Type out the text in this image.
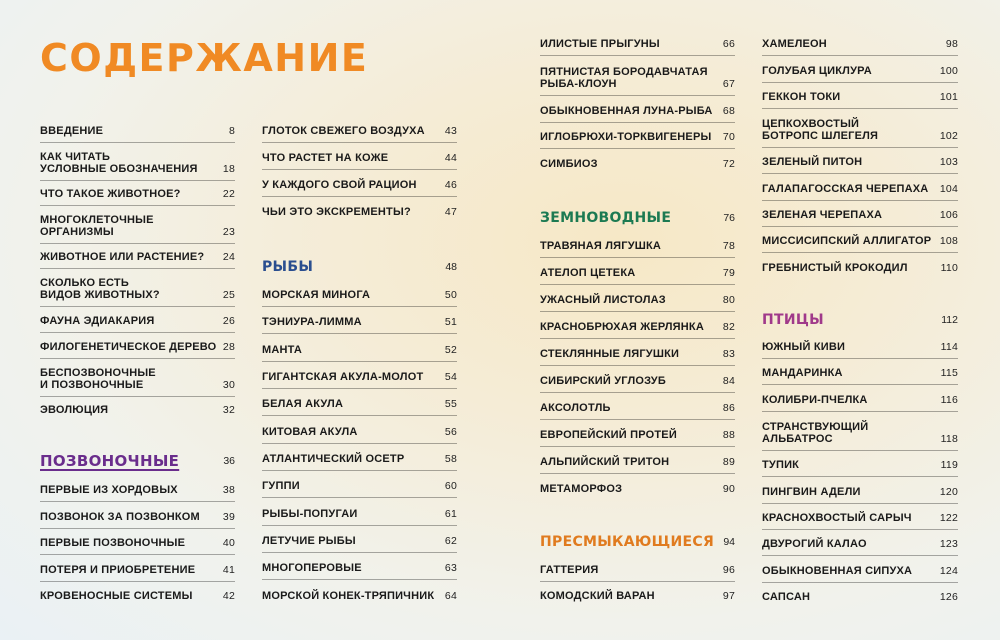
СОДЕРЖАНИЕ
ВВЕДЕНИЕ	8
КАК ЧИТАТЬ
УСЛОВНЫЕ ОБОЗНАЧЕНИЯ 18
ЧТО ТАКОЕ ЖИВОТНОЕ?	22
МНОГОКЛЕТОЧНЫЕ
ОРГАНИЗМЫ	23
ЖИВОТНОЕ ИЛИ РАСТЕНИЕ? 24
СКОЛЬКО ЕСТЬ
ВИДОВ ЖИВОТНЫХ?	25
ФАУНА ЭДИАКАРИЯ	26
ФИЛОГЕНЕТИЧЕСКОЕ ДЕРЕВО 28
БЕСПОЗВОНОЧНЫЕ
И ПОЗВОНОЧНЫЕ	30
ЭВОЛЮЦИЯ	32
ПОЗВОНОЧНЫЕ	36
ПЕРВЫЕ ИЗ ХОРДОВЫХ	38
ПОЗВОНОК ЗА ПОЗВОНКОМ 39
ПЕРВЫЕ ПОЗВОНОЧНЫЕ	40
ПОТЕРЯ И ПРИОБРЕТЕНИЕ	41
КРОВЕНОСНЫЕ СИСТЕМЫ	42
ГЛОТОК СВЕЖЕГО ВОЗДУХА 43
ЧТО РАСТЕТ НА КОЖЕ	44
У КАЖДОГО СВОЙ РАЦИОН	46
ЧЬИ ЭТО ЭКСКРЕМЕНТЫ?	47
РЫБЫ	48
МОРСКАЯ МИНОГА	50
ТЭНИУРА-ЛИММА	51
МАНТА	52
ГИГАНТСКАЯ АКУЛА-МОЛОТ 54
БЕЛАЯ АКУЛА	55
КИТОВАЯ АКУЛА	56
АТЛАНТИЧЕСКИЙ ОСЕТР	58
ГУППИ	60
РЫБЫ-ПОПУГАИ	61
ЛЕТУЧИЕ РЫБЫ	62
МНОГОПЕРОВЫЕ	63
МОРСКОЙ КОНЕК-ТРЯПИЧНИК 64
ИЛИСТЫЕ ПРЫГУНЫ	66
ПЯТНИСТАЯ БОРОДАВЧАТАЯ
РЫБА-КЛОУН	67
ОБЫКНОВЕННАЯ ЛУНА-РЫБА 68
ИГЛОБРЮХИ-ТОРКВИГЕНЕРЫ 70
СИМБИОЗ	72
ЗЕМНОВОДНЫЕ	76
ТРАВЯНАЯ ЛЯГУШКА	78
АТЕЛОП ЦЕТЕКА	79
УЖАСНЫЙ ЛИСТОЛАЗ	80
КРАСНОБРЮХАЯ ЖЕРЛЯНКА 82
СТЕКЛЯННЫЕ ЛЯГУШКИ	83
СИБИРСКИЙ УГЛОЗУБ	84
АКСОЛОТЛЬ	86
ЕВРОПЕЙСКИЙ ПРОТЕЙ	88
АЛЬПИЙСКИЙ ТРИТОН	89
МЕТАМОРФОЗ	90
ПРЕСМЫКАЮЩИЕСЯ 94
ГАТТЕРИЯ	96
КОМОДСКИЙ ВАРАН	97
ХАМЕЛЕОН	98
ГОЛУБАЯ ЦИКЛУРА	100
ГЕККОН ТОКИ	101
ЦЕПКОХВОСТЫЙ
БОТРОПС ШЛЕГЕЛЯ	102
ЗЕЛЕНЫЙ ПИТОН	103
ГАЛАПАГОССКАЯ ЧЕРЕПАХА 104
ЗЕЛЕНАЯ ЧЕРЕПАХА	106
МИССИСИПСКИЙ АЛЛИГАТОР 108
ГРЕБНИСТЫЙ КРОКОДИЛ	110
ПТИЦЫ	112
ЮЖНЫЙ КИВИ	114
МАНДАРИНКА	115
КОЛИБРИ-ПЧЕЛКА	116
СТРАНСТВУЮЩИЙ
АЛЬБАТРОС	118
ТУПИК	119
ПИНГВИН АДЕЛИ	120
КРАСНОХВОСТЫЙ САРЫЧ	122
ДВУРОГИЙ КАЛАО	123
ОБЫКНОВЕННАЯ СИПУХА	124
САПСАН	126
